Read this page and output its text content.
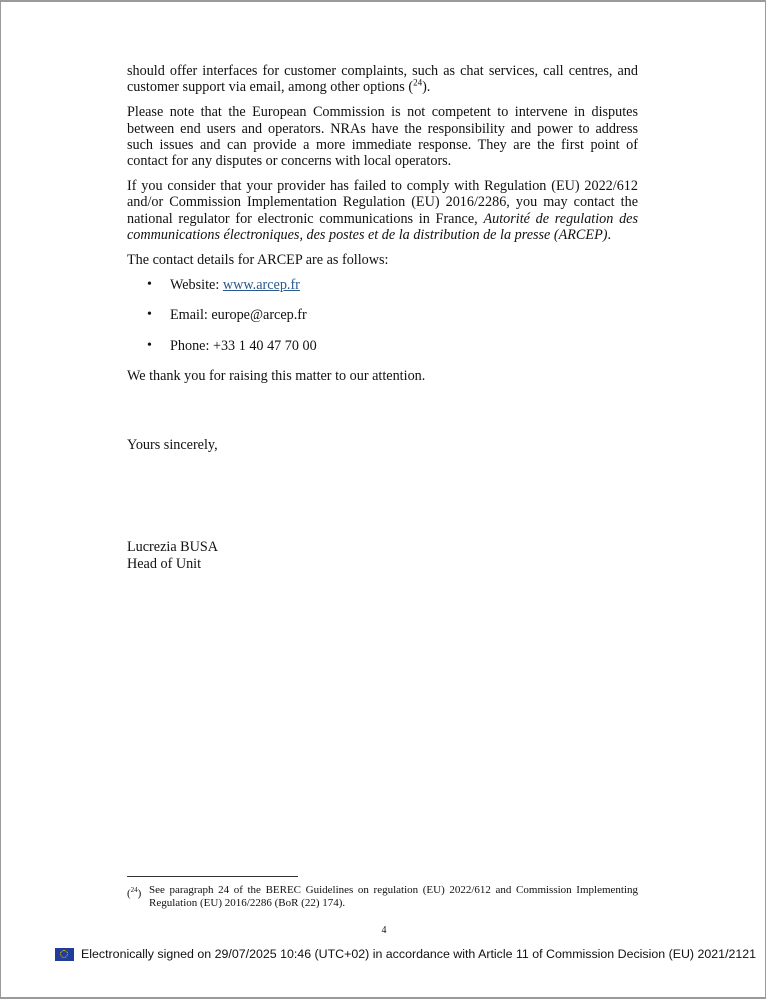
should offer interfaces for customer complaints, such as chat services, call centres, and customer support via email, among other options ($^{24}$).

Please note that the European Commission is not competent to intervene in disputes between end users and operators. NRAs have the responsibility and power to address such issues and can provide a more immediate response. They are the first point of contact for any disputes or concerns with local operators.

If you consider that your provider has failed to comply with Regulation (EU) 2022/612 and/or Commission Implementation Regulation (EU) 2016/2286, you may contact the national regulator for electronic communications in France, Autorité de regulation des communications électroniques, des postes et de la distribution de la presse (ARCEP).

The contact details for ARCEP are as follows:

• Website: www.arcep.fr
• Email: europe@arcep.fr
• Phone: +33 1 40 47 70 00

We thank you for raising this matter to our attention.

Yours sincerely,
Lucrezia BUSA
Head of Unit
($^{24}$) See paragraph 24 of the BEREC Guidelines on regulation (EU) 2022/612 and Commission Implementing Regulation (EU) 2016/2286 (BoR (22) 174).
4
Electronically signed on 29/07/2025 10:46 (UTC+02) in accordance with Article 11 of Commission Decision (EU) 2021/2121
